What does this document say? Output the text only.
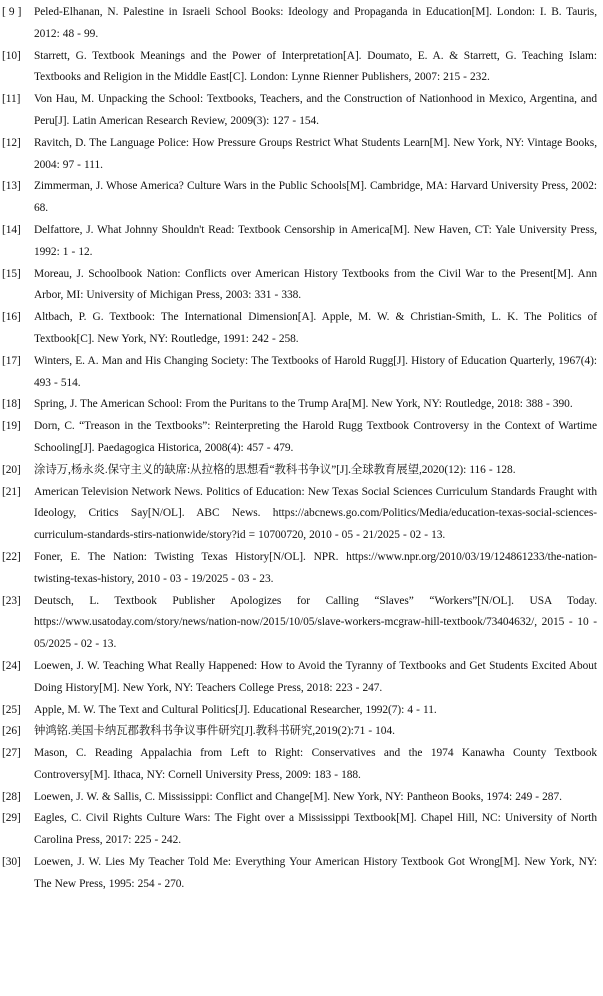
[ 9 ]	Peled-Elhanan, N. Palestine in Israeli School Books: Ideology and Propaganda in Education[M]. London: I. B. Tauris, 2012: 48 - 99.
[10]	Starrett, G. Textbook Meanings and the Power of Interpretation[A]. Doumato, E. A. & Starrett, G. Teaching Islam: Textbooks and Religion in the Middle East[C]. London: Lynne Rienner Publishers, 2007: 215 - 232.
[11]	Von Hau, M. Unpacking the School: Textbooks, Teachers, and the Construction of Nationhood in Mexico, Argentina, and Peru[J]. Latin American Research Review, 2009(3): 127 - 154.
[12]	Ravitch, D. The Language Police: How Pressure Groups Restrict What Students Learn[M]. New York, NY: Vintage Books, 2004: 97 - 111.
[13]	Zimmerman, J. Whose America? Culture Wars in the Public Schools[M]. Cambridge, MA: Harvard University Press, 2002: 68.
[14]	Delfattore, J. What Johnny Shouldn't Read: Textbook Censorship in America[M]. New Haven, CT: Yale University Press, 1992: 1 - 12.
[15]	Moreau, J. Schoolbook Nation: Conflicts over American History Textbooks from the Civil War to the Present[M]. Ann Arbor, MI: University of Michigan Press, 2003: 331 - 338.
[16]	Altbach, P. G. Textbook: The International Dimension[A]. Apple, M. W. & Christian-Smith, L. K. The Politics of Textbook[C]. New York, NY: Routledge, 1991: 242 - 258.
[17]	Winters, E. A. Man and His Changing Society: The Textbooks of Harold Rugg[J]. History of Education Quarterly, 1967(4): 493 - 514.
[18]	Spring, J. The American School: From the Puritans to the Trump Ara[M]. New York, NY: Routledge, 2018: 388 - 390.
[19]	Dorn, C. “Treason in the Textbooks”: Reinterpreting the Harold Rugg Textbook Controversy in the Context of Wartime Schooling[J]. Paedagogica Historica, 2008(4): 457 - 479.
[20]	涂诗万,杨永炎.保守主义的缺席:从拉格的思想看“教科书争议”[J].全球教育展望,2020(12): 116 - 128.
[21]	American Television Network News. Politics of Education: New Texas Social Sciences Curriculum Standards Fraught with Ideology, Critics Say[N/OL]. ABC News. https://abcnews.go.com/Politics/Media/education-texas-social-sciences-curriculum-standards-stirs-nationwide/story?id = 10700720, 2010 - 05 - 21/2025 - 02 - 13.
[22]	Foner, E. The Nation: Twisting Texas History[N/OL]. NPR. https://www.npr.org/2010/03/19/124861233/the-nation-twisting-texas-history, 2010 - 03 - 19/2025 - 03 - 23.
[23]	Deutsch, L. Textbook Publisher Apologizes for Calling “Slaves” “Workers”[N/OL]. USA Today. https://www.usatoday.com/story/news/nation-now/2015/10/05/slave-workers-mcgraw-hill-textbook/73404632/, 2015 - 10 - 05/2025 - 02 - 13.
[24]	Loewen, J. W. Teaching What Really Happened: How to Avoid the Tyranny of Textbooks and Get Students Excited About Doing History[M]. New York, NY: Teachers College Press, 2018: 223 - 247.
[25]	Apple, M. W. The Text and Cultural Politics[J]. Educational Researcher, 1992(7): 4 - 11.
[26]	钟鸿铭.美国卡纳瓦郡教科书争议事件研究[J].教科书研究,2019(2):71 - 104.
[27]	Mason, C. Reading Appalachia from Left to Right: Conservatives and the 1974 Kanawha County Textbook Controversy[M]. Ithaca, NY: Cornell University Press, 2009: 183 - 188.
[28]	Loewen, J. W. & Sallis, C. Mississippi: Conflict and Change[M]. New York, NY: Pantheon Books, 1974: 249 - 287.
[29]	Eagles, C. Civil Rights Culture Wars: The Fight over a Mississippi Textbook[M]. Chapel Hill, NC: University of North Carolina Press, 2017: 225 - 242.
[30]	Loewen, J. W. Lies My Teacher Told Me: Everything Your American History Textbook Got Wrong[M]. New York, NY: The New Press, 1995: 254 - 270.
